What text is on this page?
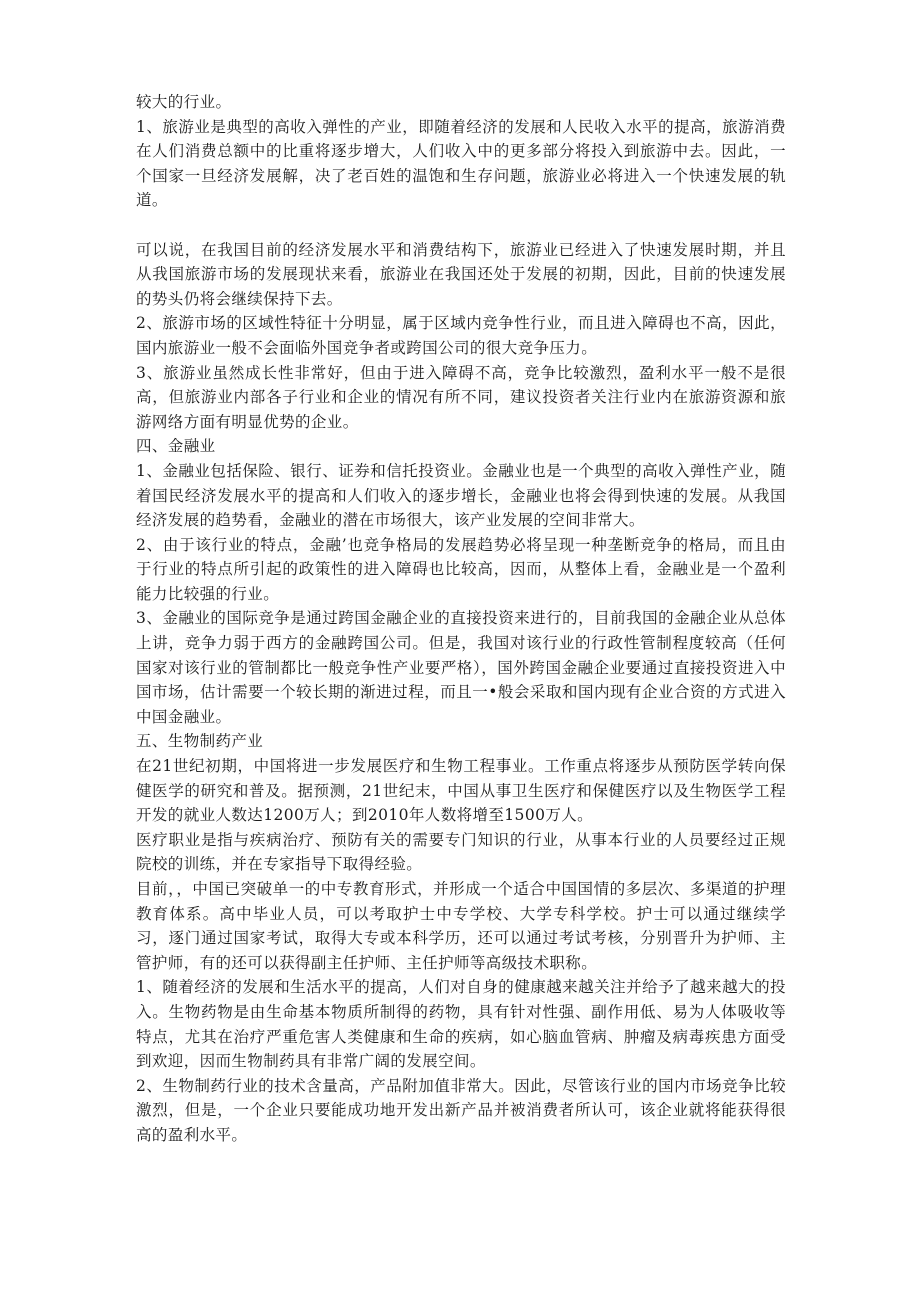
较大的行业。

1、旅游业是典型的高收入弹性的产业，即随着经济的发展和人民收入水平的提高，旅游消费在人们消费总额中的比重将逐步增大，人们收入中的更多部分将投入到旅游中去。因此，一个国家一旦经济发展解，决了老百姓的温饱和生存问题，旅游业必将进入一个快速发展的轨道。

可以说，在我国目前的经济发展水平和消费结构下，旅游业已经进入了快速发展时期，并且从我国旅游市场的发展现状来看，旅游业在我国还处于发展的初期，因此，目前的快速发展的势头仍将会继续保持下去。

2、旅游市场的区域性特征十分明显，属于区域内竞争性行业，而且进入障碍也不高，因此，国内旅游业一般不会面临外国竞争者或跨国公司的很大竞争压力。

3、旅游业虽然成长性非常好，但由于进入障碍不高，竞争比较激烈，盈利水平一般不是很高，但旅游业内部各子行业和企业的情况有所不同，建议投资者关注行业内在旅游资源和旅游网络方面有明显优势的企业。

四、金融业

1、金融业包括保险、银行、证券和信托投资业。金融业也是一个典型的高收入弹性产业，随着国民经济发展水平的提高和人们收入的逐步增长，金融业也将会得到快速的发展。从我国经济发展的趋势看，金融业的潜在市场很大，该产业发展的空间非常大。

2、由于该行业的特点，金融’也竞争格局的发展趋势必将呈现一种垄断竞争的格局，而且由于行业的特点所引起的政策性的进入障碍也比较高，因而，从整体上看，金融业是一个盈利能力比较强的行业。

3、金融业的国际竞争是通过跨国金融企业的直接投资来进行的，目前我国的金融企业从总体上讲，竞争力弱于西方的金融跨国公司。但是，我国对该行业的行政性管制程度较高（任何国家对该行业的管制都比一般竞争性产业要严格），国外跨国金融企业要通过直接投资进入中国市场，估计需要一个较长期的渐进过程，而且一•般会采取和国内现有企业合资的方式进入中国金融业。

五、生物制药产业

在21世纪初期，中国将进一步发展医疗和生物工程事业。工作重点将逐步从预防医学转向保健医学的研究和普及。据预测，21世纪末，中国从事卫生医疗和保健医疗以及生物医学工程开发的就业人数达1200万人；到2010年人数将增至1500万人。

医疗职业是指与疾病治疗、预防有关的需要专门知识的行业，从事本行业的人员要经过正规院校的训练，并在专家指导下取得经验。

目前，，中国已突破单一的中专教育形式，并形成一个适合中国国情的多层次、多渠道的护理教育体系。高中毕业人员，可以考取护士中专学校、大学专科学校。护士可以通过继续学习，逐门通过国家考试，取得大专或本科学历，还可以通过考试考核，分别晋升为护师、主管护师，有的还可以获得副主任护师、主任护师等高级技术职称。

1、随着经济的发展和生活水平的提高，人们对自身的健康越来越关注并给予了越来越大的投入。生物药物是由生命基本物质所制得的药物，具有针对性强、副作用低、易为人体吸收等特点，尤其在治疗严重危害人类健康和生命的疾病，如心脑血管病、肿瘤及病毒疾患方面受到欢迎，因而生物制药具有非常广阔的发展空间。

2、生物制药行业的技术含量高，产品附加值非常大。因此，尽管该行业的国内市场竞争比较激烈，但是，一个企业只要能成功地开发出新产品并被消费者所认可，该企业就将能获得很高的盈利水平。
